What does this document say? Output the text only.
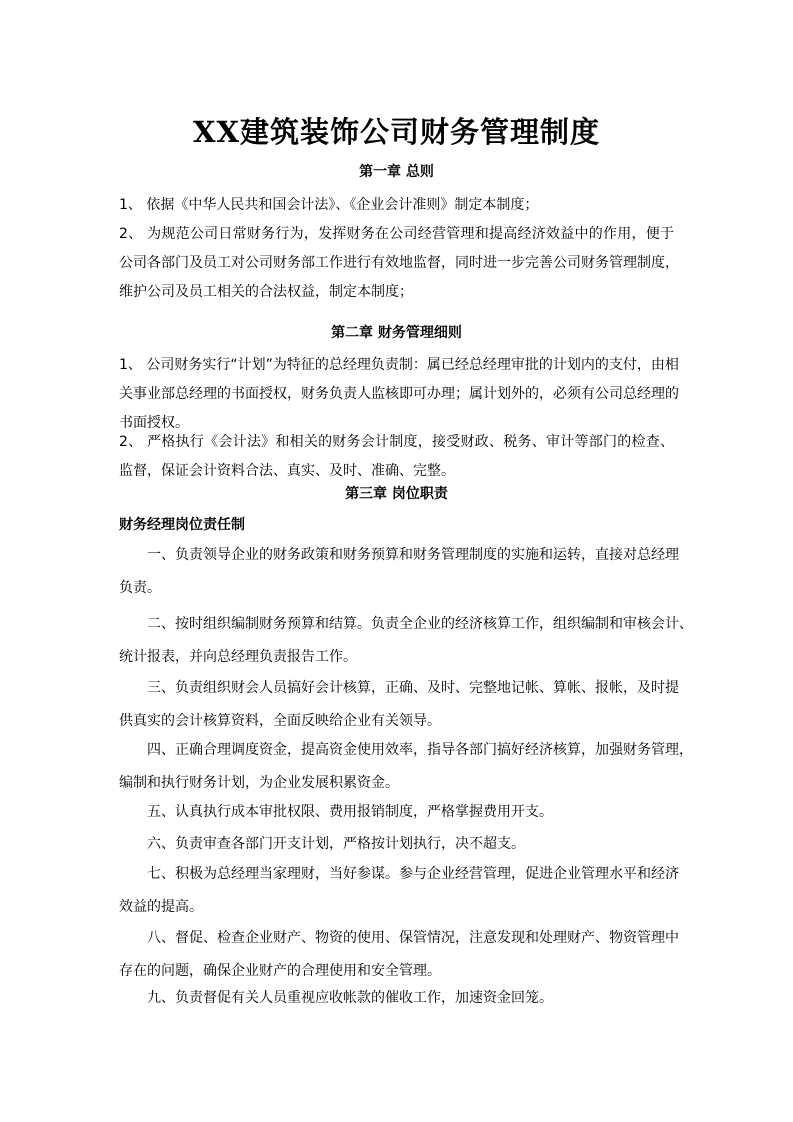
XX建筑装饰公司财务管理制度
第一章 总则
1、 依据《中华人民共和国会计法》、《企业会计准则》制定本制度；
2、 为规范公司日常财务行为，发挥财务在公司经营管理和提高经济效益中的作用，便于
公司各部门及员工对公司财务部工作进行有效地监督，同时进一步完善公司财务管理制度，
维护公司及员工相关的合法权益，制定本制度；
第二章 财务管理细则
1、 公司财务实行“计划”为特征的总经理负责制：属已经总经理审批的计划内的支付，由相
关事业部总经理的书面授权，财务负责人监核即可办理；属计划外的，必须有公司总经理的
书面授权。
2、 严格执行《会计法》和相关的财务会计制度，接受财政、税务、审计等部门的检查、
监督，保证会计资料合法、真实、及时、准确、完整。
第三章 岗位职责
财务经理岗位责任制
一、负责领导企业的财务政策和财务预算和财务管理制度的实施和运转，直接对总经理
负责。
二、按时组织编制财务预算和结算。负责全企业的经济核算工作，组织编制和审核会计、
统计报表，并向总经理负责报告工作。
三、负责组织财会人员搞好会计核算，正确、及时、完整地记帐、算帐、报帐，及时提
供真实的会计核算资料，全面反映给企业有关领导。
四、正确合理调度资金，提高资金使用效率，指导各部门搞好经济核算，加强财务管理，
编制和执行财务计划，为企业发展积累资金。
五、认真执行成本审批权限、费用报销制度，严格掌握费用开支。
六、负责审查各部门开支计划，严格按计划执行，决不超支。
七、积极为总经理当家理财，当好参谋。参与企业经营管理，促进企业管理水平和经济
效益的提高。
八、督促、检查企业财产、物资的使用、保管情况，注意发现和处理财产、物资管理中
存在的问题，确保企业财产的合理使用和安全管理。
九、负责督促有关人员重视应收帐款的催收工作，加速资金回笼。
